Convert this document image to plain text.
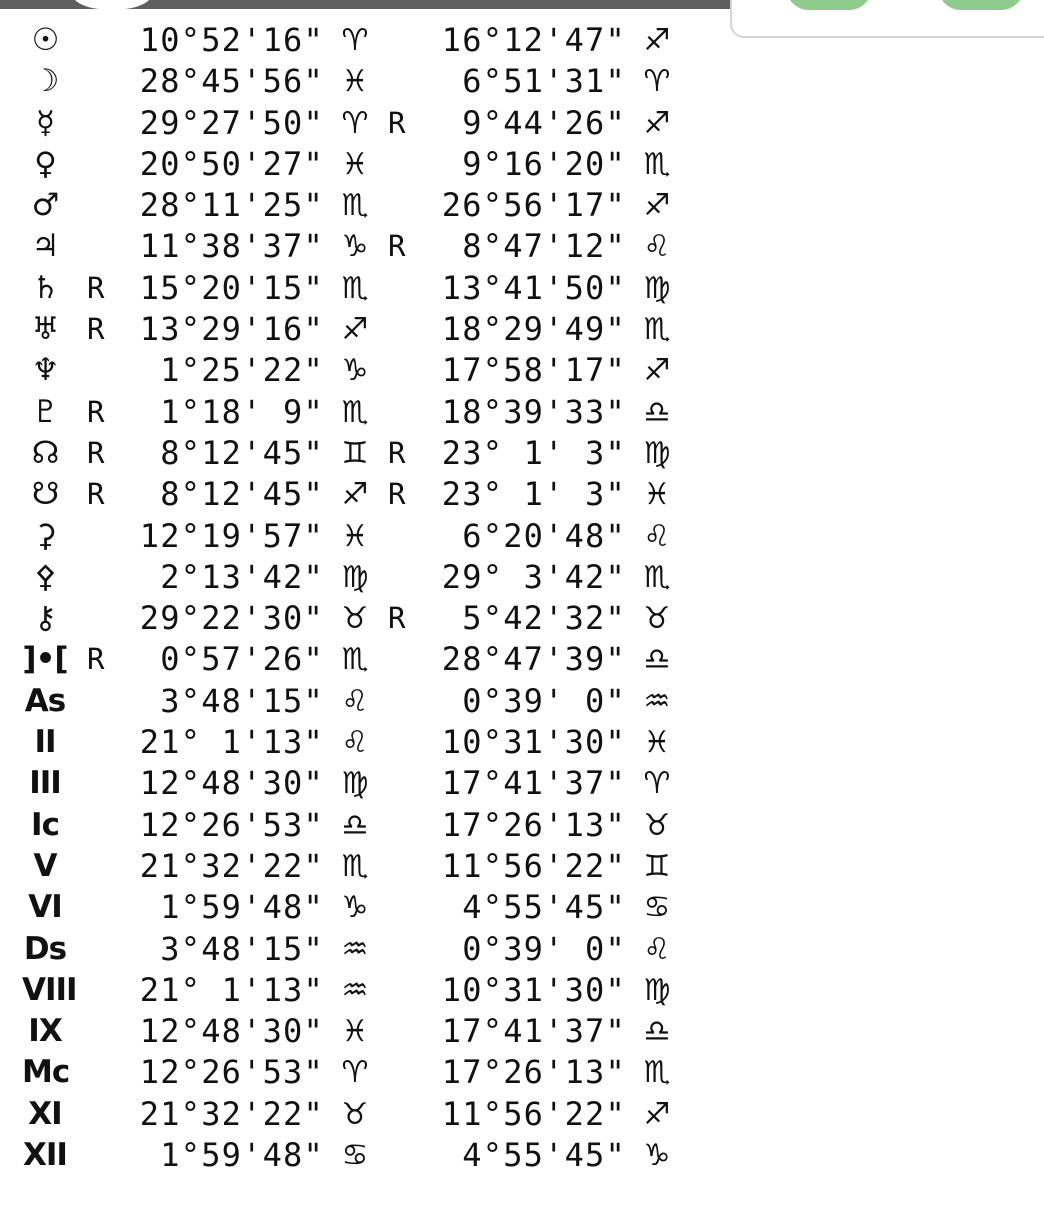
☉	10°52'16" ♈	16°12'47" ♐
☽	28°45'56" ♓	6°51'31" ♈
☿	29°27'50" ♈ R	9°44'26" ♐
♀	20°50'27" ♓	9°16'20" ♏
♂	28°11'25" ♏	26°56'17" ♐
♃	11°38'37" ♑ R	8°47'12" ♌
♄ R	15°20'15" ♏	13°41'50" ♍
♅ R	13°29'16" ♐	18°29'49" ♏
♆	1°25'22" ♑	17°58'17" ♐
♇ R	1°18' 9" ♏	18°39'33" ♎
☊ R	8°12'45" ♊ R	23° 1' 3" ♍
☋ R	8°12'45" ♐ R	23° 1' 3" ♓
⚳	12°19'57" ♓	6°20'48" ♌
⚴	2°13'42" ♍	29° 3'42" ♏
⚷	29°22'30" ♉ R	5°42'32" ♉
]•[ R	0°57'26" ♏	28°47'39" ♎
As	3°48'15" ♌	0°39' 0" ♒
II	21° 1'13" ♌	10°31'30" ♓
III	12°48'30" ♍	17°41'37" ♈
Ic	12°26'53" ♎	17°26'13" ♉
V	21°32'22" ♏	11°56'22" ♊
VI	1°59'48" ♑	4°55'45" ♋
Ds	3°48'15" ♒	0°39' 0" ♌
VIII	21° 1'13" ♒	10°31'30" ♍
IX	12°48'30" ♓	17°41'37" ♎
Mc	12°26'53" ♈	17°26'13" ♏
XI	21°32'22" ♉	11°56'22" ♐
XII	1°59'48" ♋	4°55'45" ♑
